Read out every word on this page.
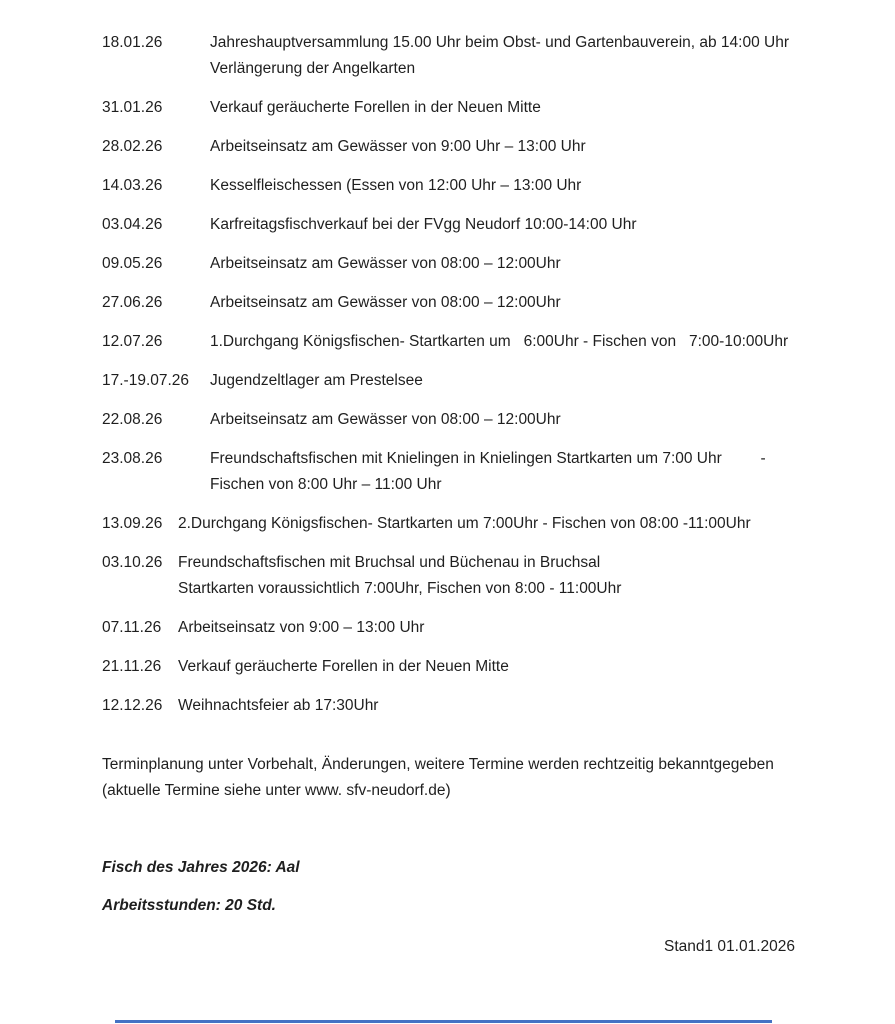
18.01.26	Jahreshauptversammlung 15.00 Uhr beim Obst- und Gartenbauverein, ab 14:00 Uhr
Verlängerung der Angelkarten
31.01.26	Verkauf geräucherte Forellen in der Neuen Mitte
28.02.26	Arbeitseinsatz am Gewässer von 9:00 Uhr – 13:00 Uhr
14.03.26	Kesselfleischessen (Essen von 12:00 Uhr – 13:00 Uhr
03.04.26	Karfreitagsfischverkauf bei der FVgg Neudorf 10:00-14:00 Uhr
09.05.26	Arbeitseinsatz am Gewässer von 08:00 – 12:00Uhr
27.06.26	Arbeitseinsatz am Gewässer von 08:00 – 12:00Uhr
12.07.26	1.Durchgang Königsfischen- Startkarten um   6:00Uhr - Fischen von   7:00-10:00Uhr
17.-19.07.26	Jugendzeltlager am Prestelsee
22.08.26	Arbeitseinsatz am Gewässer von 08:00 – 12:00Uhr
23.08.26	Freundschaftsfischen mit Knielingen in Knielingen Startkarten um 7:00 Uhr         -
Fischen von 8:00 Uhr – 11:00 Uhr
13.09.26	2.Durchgang Königsfischen- Startkarten um 7:00Uhr - Fischen von 08:00 -11:00Uhr
03.10.26	Freundschaftsfischen mit Bruchsal und Büchenau in Bruchsal
Startkarten voraussichtlich 7:00Uhr, Fischen von 8:00 - 11:00Uhr
07.11.26	Arbeitseinsatz von 9:00 – 13:00 Uhr
21.11.26	Verkauf geräucherte Forellen in der Neuen Mitte
12.12.26	Weihnachtsfeier ab 17:30Uhr
Terminplanung unter Vorbehalt, Änderungen, weitere Termine werden rechtzeitig bekanntgegeben
(aktuelle Termine siehe unter www. sfv-neudorf.de)
Fisch des Jahres 2026: Aal
Arbeitsstunden: 20 Std.
Stand1 01.01.2026
